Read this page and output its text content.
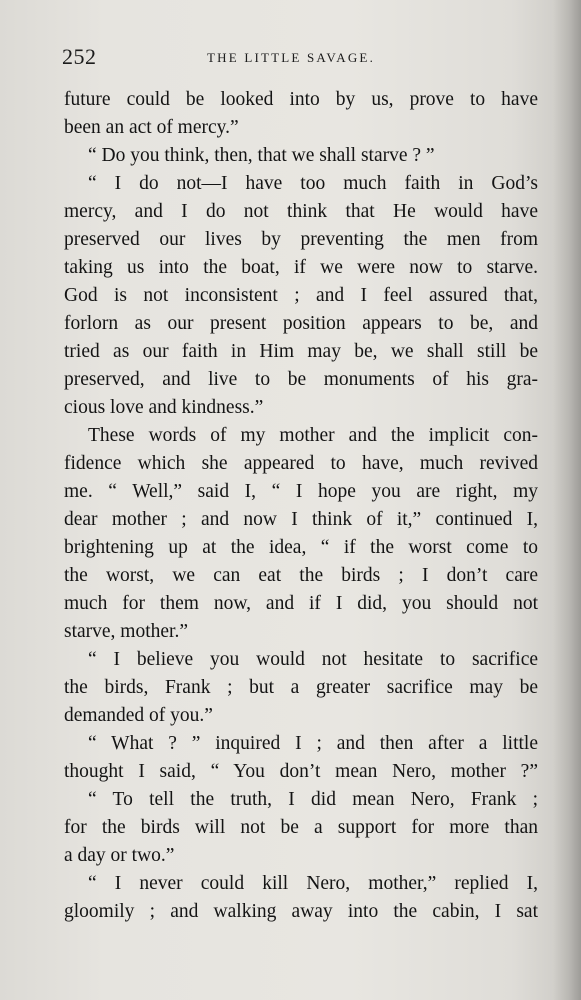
252	THE LITTLE SAVAGE.
future could be looked into by us, prove to have
been an act of mercy.”
“ Do you think, then, that we shall starve ? ”
“ I do not—I have too much faith in God’s
mercy, and I do not think that He would have
preserved our lives by preventing the men from
taking us into the boat, if we were now to starve.
God is not inconsistent ; and I feel assured that,
forlorn as our present position appears to be, and
tried as our faith in Him may be, we shall still be
preserved, and live to be monuments of his gra-
cious love and kindness.”
These words of my mother and the implicit con-
fidence which she appeared to have, much revived
me. “ Well,” said I, “ I hope you are right, my
dear mother ; and now I think of it,” continued I,
brightening up at the idea, “ if the worst come to
the worst, we can eat the birds ; I don’t care
much for them now, and if I did, you should not
starve, mother.”
“ I believe you would not hesitate to sacrifice
the birds, Frank ; but a greater sacrifice may be
demanded of you.”
“ What ? ” inquired I ; and then after a little
thought I said, “ You don’t mean Nero, mother ?”
“ To tell the truth, I did mean Nero, Frank ;
for the birds will not be a support for more than
a day or two.”
“ I never could kill Nero, mother,” replied I,
gloomily ; and walking away into the cabin, I sat
